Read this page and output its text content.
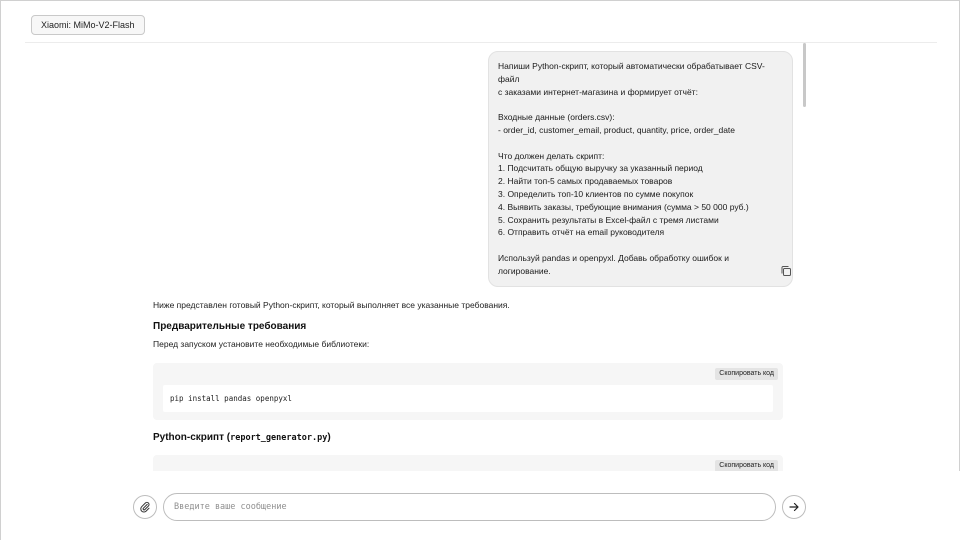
Xiaomi: MiMo-V2-Flash
Напиши Python-скрипт, который автоматически обрабатывает CSV-файл
с заказами интернет-магазина и формирует отчёт:
Входные данные (orders.csv):
- order_id, customer_email, product, quantity, price, order_date
Что должен делать скрипт:
1. Подсчитать общую выручку за указанный период
2. Найти топ-5 самых продаваемых товаров
3. Определить топ-10 клиентов по сумме покупок
4. Выявить заказы, требующие внимания (сумма > 50 000 руб.)
5. Сохранить результаты в Excel-файл с тремя листами
6. Отправить отчёт на email руководителя
Используй pandas и openpyxl. Добавь обработку ошибок и логирование.

Ниже представлен готовый Python-скрипт, который выполняет все указанные требования.

Предварительные требования

Перед запуском установите необходимые библиотеки:

Скопировать код
pip install pandas openpyxl

Python-скрипт (report_generator.py)

Скопировать код
Введите ваше сообщение
